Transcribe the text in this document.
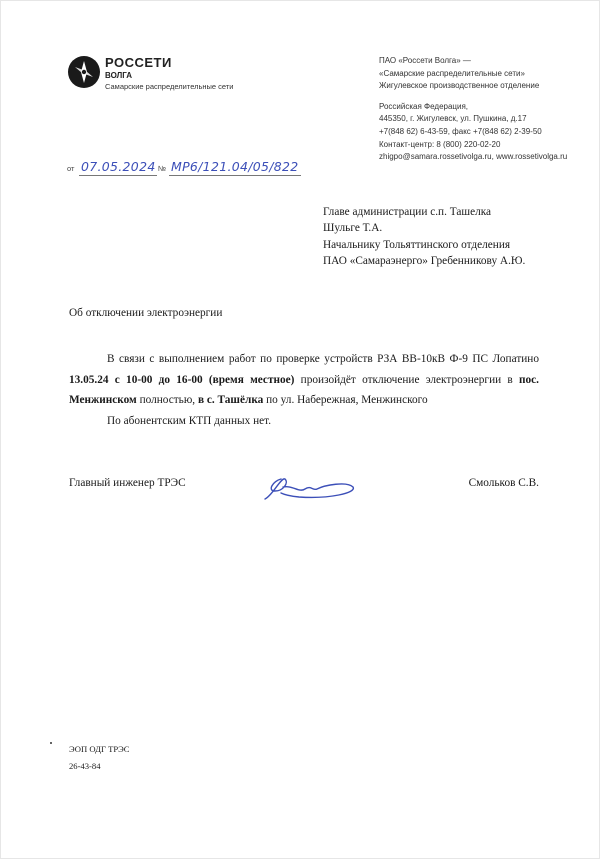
РОССЕТИ
ВОЛГА
Самарские распределительные сети
ПАО «Россети Волга» —
«Самарские распределительные сети»
Жигулевское производственное отделение
Российская Федерация,
445350, г. Жигулевск, ул. Пушкина, д.17
+7(848 62) 6-43-59, факс +7(848 62) 2-39-50
Контакт-центр: 8 (800) 220-02-20
zhigpo@samara.rossetivolga.ru, www.rossetivolga.ru
от 07.05.2024 № МР6/121.04/05/822
Главе администрации с.п. Ташелка
Шульге Т.А.
Начальнику Тольяттинского отделения
ПАО «Самараэнерго» Гребенникову А.Ю.
Об отключении электроэнергии

В связи с выполнением работ по проверке устройств РЗА ВВ-10кВ Ф-9 ПС Лопатино 13.05.24 с 10-00 до 16-00 (время местное) произойдёт отключение электроэнергии в пос. Менжинском полностью, в с. Ташёлка по ул. Набережная, Менжинского

По абонентским КТП данных нет.

Главный инженер ТРЭС	Смольков С.В.
ЭОП ОДГ ТРЭС
26-43-84
